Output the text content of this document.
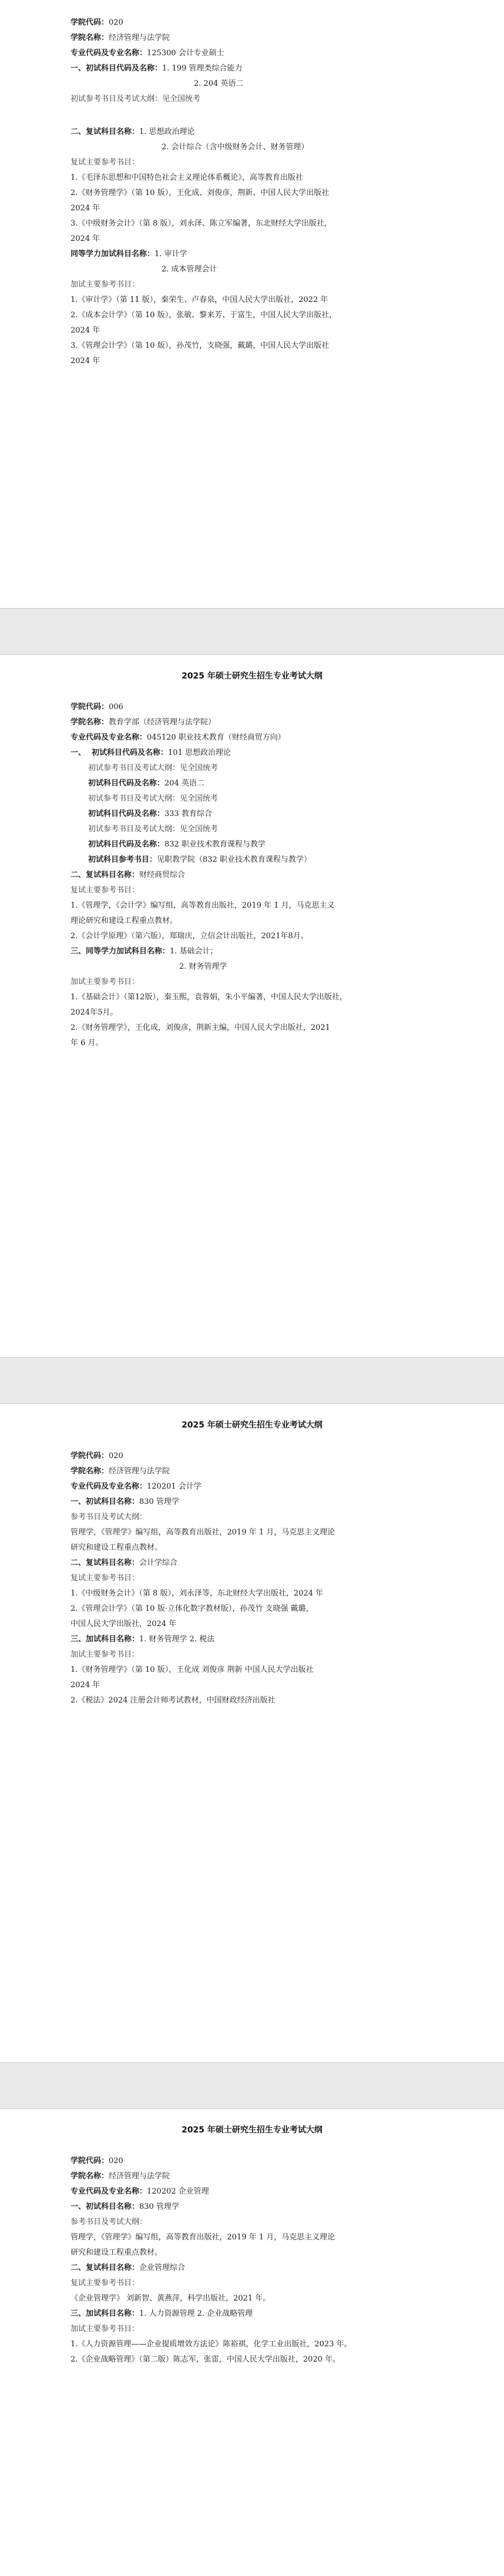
学院代码：020
学院名称：经济管理与法学院
专业代码及专业名称：125300 会计专业硕士
一、初试科目代码及名称：1. 199 管理类综合能力
2. 204 英语二
初试参考书目及考试大纲：见全国统考
二、复试科目名称：1. 思想政治理论
2. 会计综合（含中级财务会计、财务管理）
复试主要参考书目：
1.《毛泽东思想和中国特色社会主义理论体系概论》，高等教育出版社
2.《财务管理学》（第 10 版），王化成、刘俊彦，荆新、中国人民大学出版社
2024 年
3.《中级财务会计》（第 8 版），刘永泽、陈立军编著，东北财经大学出版社，
2024 年
同等学力加试科目名称：1. 审计学
2. 成本管理会计
加试主要参考书目：
1.《审计学》（第 11 版），秦荣生、卢春泉，中国人民大学出版社，2022 年
2.《成本会计学》（第 10 版），张敏、黎来芳、于富生，中国人民大学出版社，
2024 年
3.《管理会计学》（第 10 版），孙茂竹，支晓强，戴璐，中国人民大学出版社
2024 年
2025 年硕士研究生招生专业考试大纲
学院代码：006
学院名称：教育学部（经济管理与法学院）
专业代码及专业名称：045120 职业技术教育（财经商贸方向）
一、 初试科目代码及名称：101 思想政治理论
初试参考书目及考试大纲：见全国统考
初试科目代码及名称：204 英语二
初试参考书目及考试大纲：见全国统考
初试科目代码及名称：333 教育综合
初试参考书目及考试大纲：见全国统考
初试科目代码及名称：832 职业技术教育课程与教学
初试科目参考书目：见职教学院（832 职业技术教育课程与教学）
二、复试科目名称：财经商贸综合
复试主要参考书目：
1.《管理学，《会计学》编写组，高等教育出版社，2019 年 1 月，马克思主义
理论研究和建设工程重点教材。
2.《会计学原理》（第六版），郑瑞庆，立信会计出版社，2021年8月。
三、同等学力加试科目名称：1. 基础会计；
2. 财务管理学
加试主要参考书目：
1.《基础会计》（第12版），秦玉熙，袁蓉娟，朱小平编著，中国人民大学出版社，
2024年5月。
2.《财务管理学》，王化成，刘俊彦，荆新主编，中国人民大学出版社，2021
年 6 月。
2025 年硕士研究生招生专业考试大纲
学院代码：020
学院名称：经济管理与法学院
专业代码及专业名称：120201 会计学
一、初试科目名称：830 管理学
参考书目及考试大纲：
管理学，《管理学》编写组，高等教育出版社，2019 年 1 月，马克思主义理论
研究和建设工程重点教材。
二、复试科目名称：会计学综合
复试主要参考书目：
1.《中级财务会计》（第 8 版），刘永泽等，东北财经大学出版社，2024 年
2.《管理会计学》（第 10 版·立体化数字教材版），孙茂竹 支晓强 戴璐，
中国人民大学出版社，2024 年
三、加试科目名称：1. 财务管理学 2. 税法
加试主要参考书目：
1.《财务管理学》（第 10 版），王化成 刘俊彦 荆新 中国人民大学出版社
2024 年
2.《税法》2024 注册会计师考试教材，中国财政经济出版社
2025 年硕士研究生招生专业考试大纲
学院代码：020
学院名称：经济管理与法学院
专业代码及专业名称：120202 企业管理
一、初试科目名称：830 管理学
参考书目及考试大纲：
管理学，《管理学》编写组，高等教育出版社，2019 年 1 月，马克思主义理论
研究和建设工程重点教材。
二、复试科目名称：企业管理综合
复试主要参考书目：
《企业管理学》 刘新智、黄燕萍，科学出版社，2021 年。
三、加试科目名称：1. 人力资源管理 2. 企业战略管理
加试主要参考书目：
1.《人力资源管理——企业提质增效方法论》陈裕祺，化学工业出版社，2023 年。
2.《企业战略管理》（第二版）陈志军，张雷，中国人民大学出版社，2020 年。
